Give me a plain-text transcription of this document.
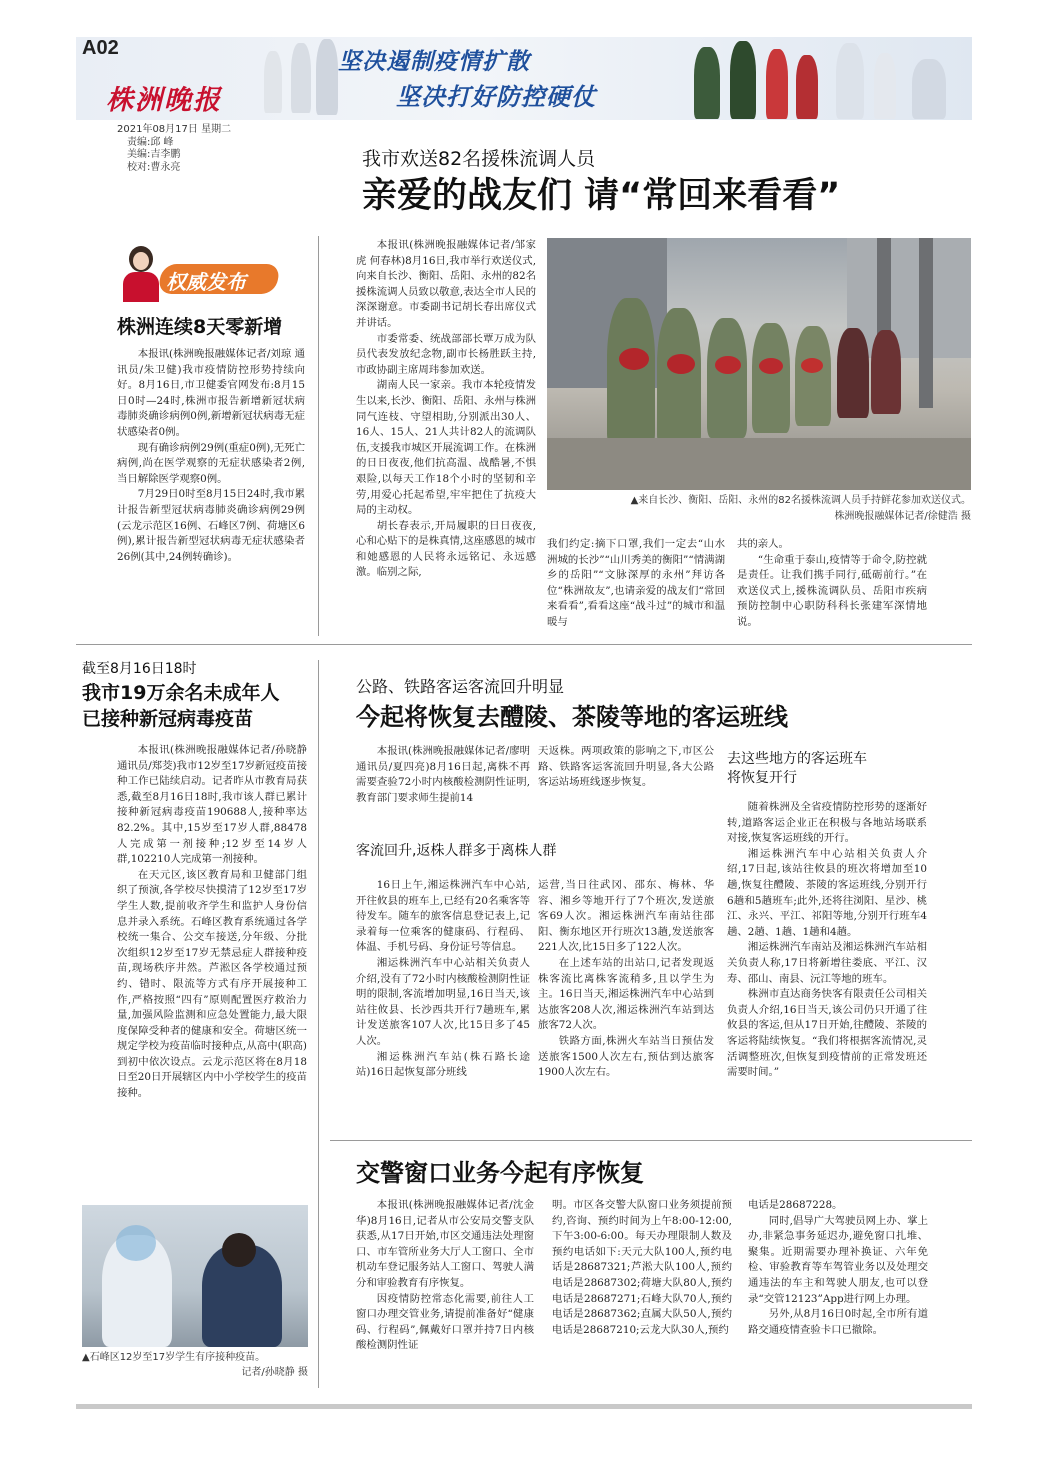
A02
株洲晚报
坚决遏制疫情扩散
坚决打好防控硬仗
2021年08月17日 星期二
责编:邱 峰
美编:吉李鹏
校对:曹永亮	我市欢送82名援株流调人员
亲爱的战友们 请“常回来看看”

本报讯(株洲晚报融媒体记者/邹家虎 何春林)8月16日,我市举行欢送仪式,向来自长沙、衡阳、岳阳、永州的82名援株流调人员致以敬意,表达全市人民的深深谢意。市委副书记胡长春出席仪式并讲话。

市委常委、统战部部长覃万成为队员代表发放纪念物,副市长杨胜跃主持,市政协副主席周玮参加欢送。

湖南人民一家亲。我市本轮疫情发生以来,长沙、衡阳、岳阳、永州与株洲同气连枝、守望相助,分别派出30人、16人、15人、21人共计82人的流调队伍,支援我市城区开展流调工作。在株洲的日日夜夜,他们抗高温、战酷暑,不惧艰险,以每天工作18个小时的坚韧和辛劳,用爱心托起希望,牢牢把住了抗疫大局的主动权。

胡长春表示,开局履职的日日夜夜,心和心贴下的是株真情,这座感恩的城市和她感恩的人民将永远铭记、永远感激。临别之际,

▲来自长沙、衡阳、岳阳、永州的82名援株流调人员手持鲜花参加欢送仪式。
株洲晚报融媒体记者/徐健浩 摄

我们约定:摘下口罩,我们一定去“山水洲城的长沙”“山川秀美的衡阳”“情满湖乡的岳阳”“文脉深厚的永州”拜访各位“株洲故友”,也请亲爱的战友们“常回来看看”,看看这座“战斗过”的城市和温暖与

共的亲人。

“生命重于泰山,疫情等于命令,防控就是责任。让我们携手同行,砥砺前行。”在欢送仪式上,援株流调队员、岳阳市疾病预防控制中心职防科科长张建军深情地说。

权威发布
株洲连续8天零新增

本报讯(株洲晚报融媒体记者/刘琼 通讯员/朱卫健)我市疫情防控形势持续向好。8月16日,市卫健委官网发布:8月15日0时—24时,株洲市报告新增新冠状病毒肺炎确诊病例0例,新增新冠状病毒无症状感染者0例。

现有确诊病例29例(重症0例),无死亡病例,尚在医学观察的无症状感染者2例,当日解除医学观察0例。

7月29日0时至8月15日24时,我市累计报告新型冠状病毒肺炎确诊病例29例(云龙示范区16例、石峰区7例、荷塘区6例),累计报告新型冠状病毒无症状感染者26例(其中,24例转确诊)。

截至8月16日18时
我市19万余名未成年人
已接种新冠病毒疫苗

本报讯(株洲晚报融媒体记者/孙晓静 通讯员/郑茭)我市12岁至17岁新冠疫苗接种工作已陆续启动。记者昨从市教育局获悉,截至8月16日18时,我市该人群已累计接种新冠病毒疫苗190688人,接种率达82.2%。其中,15岁至17岁人群,88478人完成第一剂接种;12岁至14岁人群,102210人完成第一剂接种。

在天元区,该区教育局和卫健部门组织了预演,各学校尽快摸清了12岁至17岁学生人数,提前收齐学生和监护人身份信息并录入系统。石峰区教育系统通过各学校统一集合、公交车接送,分年级、分批次组织12岁至17岁无禁忌症人群接种疫苗,现场秩序井然。芦淞区各学校通过预约、错时、限流等方式有序开展接种工作,严格按照“四有”原则配置医疗救治力量,加强风险监测和应急处置能力,最大限度保障受种者的健康和安全。荷塘区统一规定学校为疫苗临时接种点,从高中(职高)到初中依次设点。云龙示范区将在8月18日至20日开展辖区内中小学校学生的疫苗接种。

▲石峰区12岁至17岁学生有序接种疫苗。
记者/孙晓静 摄
公路、铁路客运客流回升明显
今起将恢复去醴陵、茶陵等地的客运班线

本报讯(株洲晚报融媒体记者/廖明 通讯员/夏四亮)8月16日起,离株不再需要查验72小时内核酸检测阴性证明,教育部门要求师生提前14

天返株。两项政策的影响之下,市区公路、铁路客运客流回升明显,各大公路客运站场班线逐步恢复。

客流回升,返株人群多于离株人群

16日上午,湘运株洲汽车中心站,开往攸县的班车上,已经有20名乘客等待发车。随车的旅客信息登记表上,记录着每一位乘客的健康码、行程码、体温、手机号码、身份证号等信息。

湘运株洲汽车中心站相关负责人介绍,没有了72小时内核酸检测阴性证明的限制,客流增加明显,16日当天,该站往攸县、长沙西共开行7趟班车,累计发送旅客107人次,比15日多了45人次。

湘运株洲汽车站(株石路长途站)16日起恢复部分班线

运营,当日往武冈、邵东、梅林、华容、湘乡等地开行了7个班次,发送旅客69人次。湘运株洲汽车南站往邵阳、衡东地区开行班次13趟,发送旅客221人次,比15日多了122人次。

在上述车站的出站口,记者发现返株客流比离株客流稍多,且以学生为主。16日当天,湘运株洲汽车中心站到达旅客208人次,湘运株洲汽车站到达旅客72人次。

铁路方面,株洲火车站当日预估发送旅客1500人次左右,预估到达旅客1900人次左右。

去这些地方的客运班车
将恢复开行

随着株洲及全省疫情防控形势的逐渐好转,道路客运企业正在积极与各地站场联系对接,恢复客运班线的开行。

湘运株洲汽车中心站相关负责人介绍,17日起,该站往攸县的班次将增加至10趟,恢复往醴陵、茶陵的客运班线,分别开行6趟和5趟班车;此外,还将往浏阳、星沙、桃江、永兴、平江、祁阳等地,分别开行班车4趟、2趟、1趟、1趟和4趟。

湘运株洲汽车南站及湘运株洲汽车站相关负责人称,17日将新增往娄底、平江、汉寿、邵山、南县、沅江等地的班车。

株洲市直达商务快客有限责任公司相关负责人介绍,16日当天,该公司仍只开通了往攸县的客运,但从17日开始,往醴陵、茶陵的客运将陆续恢复。“我们将根据客流情况,灵活调整班次,但恢复到疫情前的正常发班还需要时间。”

交警窗口业务今起有序恢复

本报讯(株洲晚报融媒体记者/沈金华)8月16日,记者从市公安局交警支队获悉,从17日开始,市区交通违法处理窗口、市车管所业务大厅人工窗口、全市机动车登记服务站人工窗口、驾驶人满分和审验教育有序恢复。

因疫情防控常态化需要,前往人工窗口办理交管业务,请提前准备好“健康码、行程码”,佩戴好口罩并持7日内核酸检测阴性证

明。市区各交警大队窗口业务须提前预约,咨询、预约时间为上午8:00-12:00,下午3:00-6:00。每天办理限制人数及预约电话如下:天元大队100人,预约电话是28687321;芦淞大队100人,预约电话是28687302;荷塘大队80人,预约电话是28687271;石峰大队70人,预约电话是28687362;直属大队50人,预约电话是28687210;云龙大队30人,预约

电话是28687228。

同时,倡导广大驾驶员网上办、掌上办,非紧急事务延迟办,避免窗口扎堆、聚集。近期需要办理补换证、六年免检、审验教育等车驾管业务以及处理交通违法的车主和驾驶人朋友,也可以登录“交管12123”App进行网上办理。

另外,从8月16日0时起,全市所有道路交通疫情查验卡口已撤除。
